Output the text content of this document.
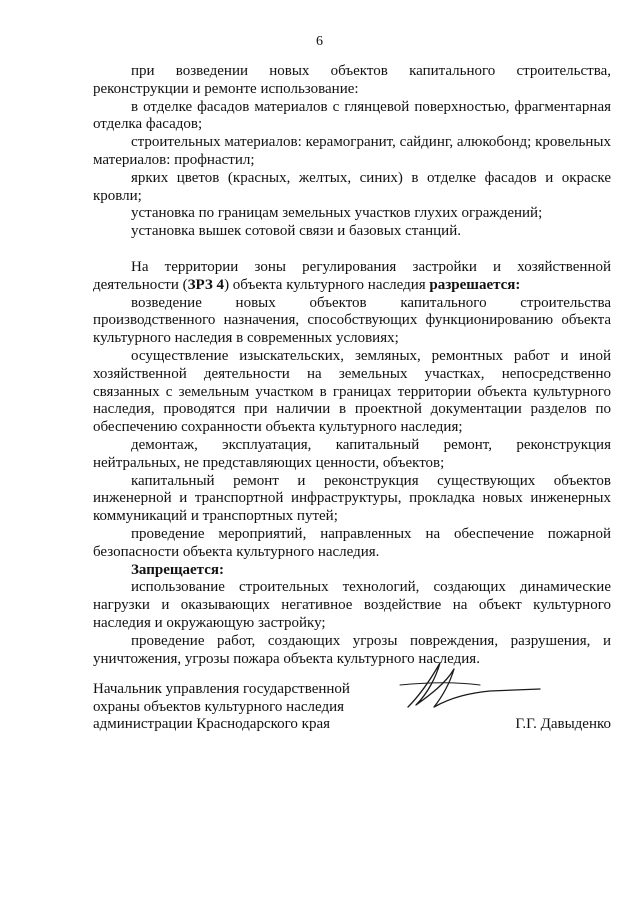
6

при возведении новых объектов капитального строительства, реконструкции и ремонте использование:

в отделке фасадов материалов с глянцевой поверхностью, фрагментарная отделка фасадов;

строительных материалов: керамогранит, сайдинг, алюкобонд; кровельных материалов: профнастил;

ярких цветов (красных, желтых, синих) в отделке фасадов и окраске кровли;

установка по границам земельных участков глухих ограждений;

установка вышек сотовой связи и базовых станций.

На территории зоны регулирования застройки и хозяйственной деятельности (ЗРЗ 4) объекта культурного наследия разрешается:

возведение новых объектов капитального строительства производственного назначения, способствующих функционированию объекта культурного наследия в современных условиях;

осуществление изыскательских, земляных, ремонтных работ и иной хозяйственной деятельности на земельных участках, непосредственно связанных с земельным участком в границах территории объекта культурного наследия, проводятся при наличии в проектной документации разделов по обеспечению сохранности объекта культурного наследия;

демонтаж, эксплуатация, капитальный ремонт, реконструкция нейтральных, не представляющих ценности, объектов;

капитальный ремонт и реконструкция существующих объектов инженерной и транспортной инфраструктуры, прокладка новых инженерных коммуникаций и транспортных путей;

проведение мероприятий, направленных на обеспечение пожарной безопасности объекта культурного наследия.

Запрещается:

использование строительных технологий, создающих динамические нагрузки и оказывающих негативное воздействие на объект культурного наследия и окружающую застройку;

проведение работ, создающих угрозы повреждения, разрушения, и уничтожения, угрозы пожара объекта культурного наследия.

Начальник управления государственной
охраны объектов культурного наследия
администрации Краснодарского края	Г.Г. Давыденко
